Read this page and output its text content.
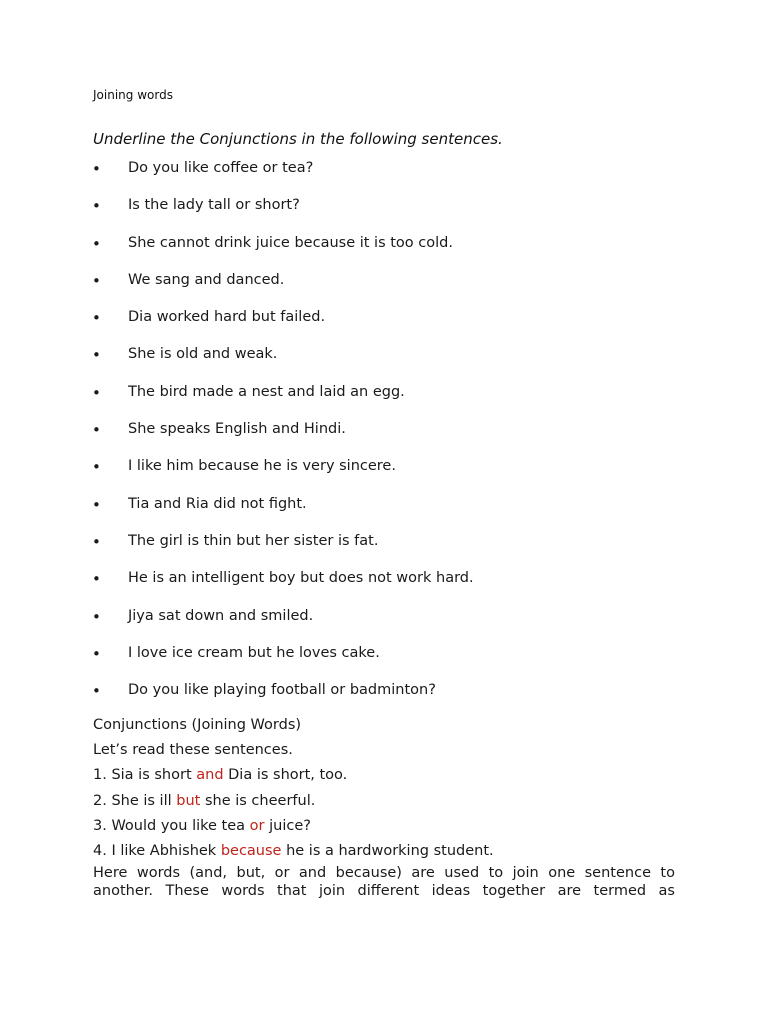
Joining words
Underline the Conjunctions in the following sentences.
• Do you like coffee or tea?
• Is the lady tall or short?
• She cannot drink juice because it is too cold.
• We sang and danced.
• Dia worked hard but failed.
• She is old and weak.
• The bird made a nest and laid an egg.
• She speaks English and Hindi.
• I like him because he is very sincere.
• Tia and Ria did not fight.
• The girl is thin but her sister is fat.
• He is an intelligent boy but does not work hard.
• Jiya sat down and smiled.
• I love ice cream but he loves cake.
• Do you like playing football or badminton?
Conjunctions (Joining Words)
Let’s read these sentences.
1. Sia is short and Dia is short, too.
2. She is ill but she is cheerful.
3. Would you like tea or juice?
4. I like Abhishek because he is a hardworking student.
Here words (and, but, or and because) are used to join one sentence to
another. These words that join different ideas together are termed as
